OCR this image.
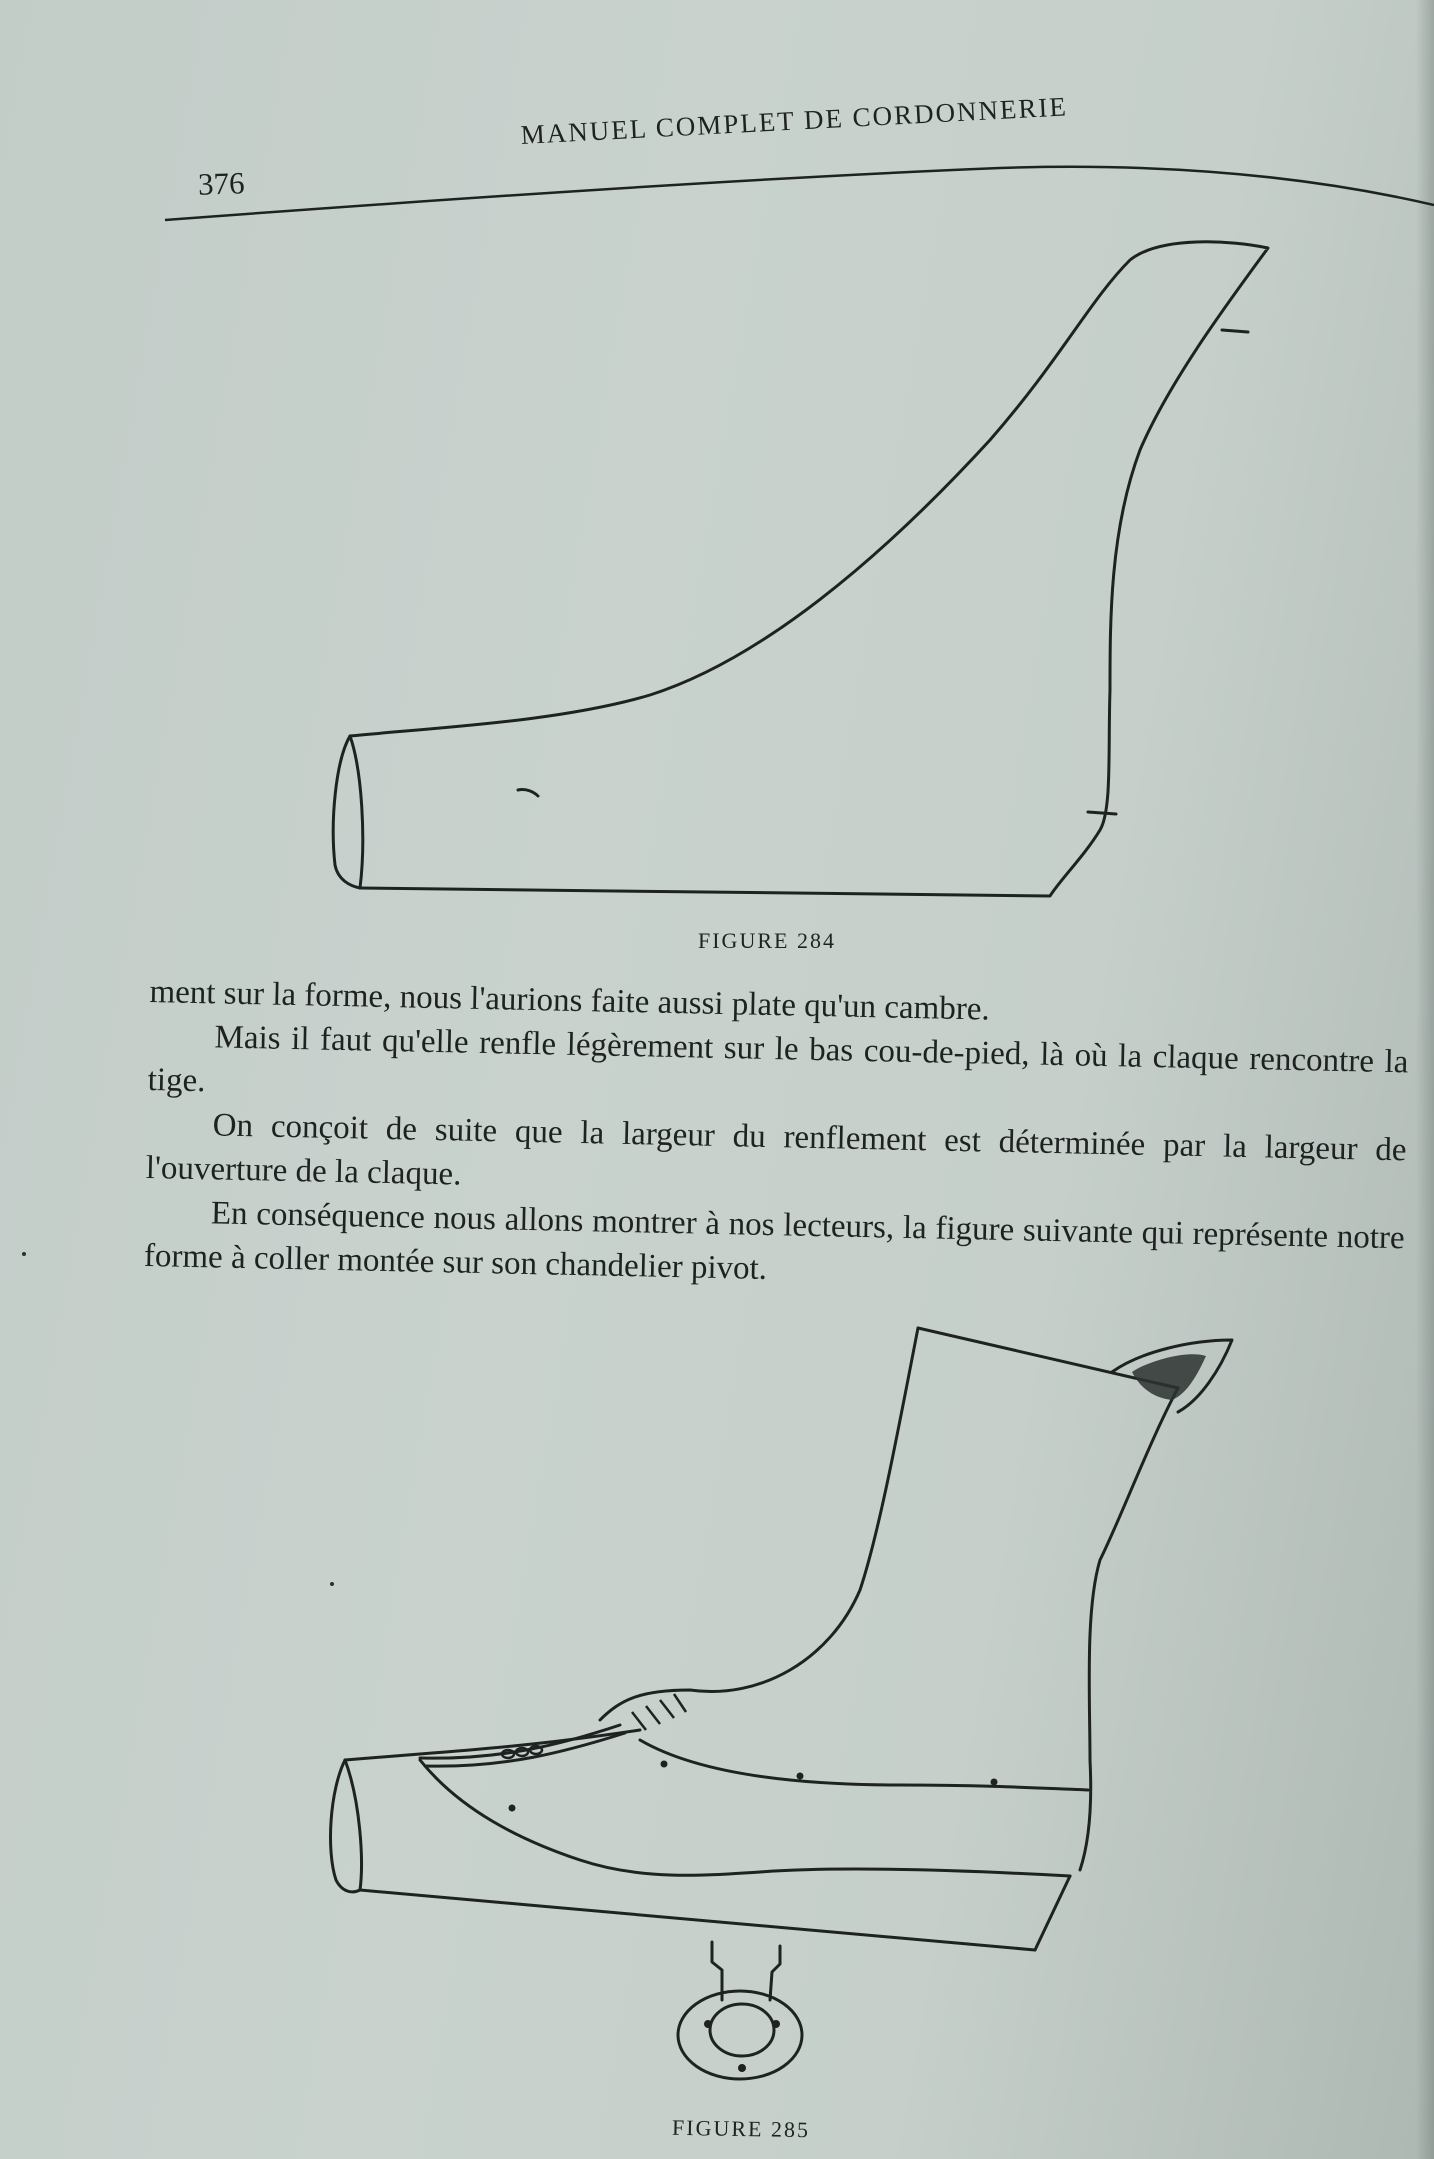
376
MANUEL COMPLET DE CORDONNERIE
FIGURE 284

ment sur la forme, nous l'aurions faite aussi plate qu'un cambre.

Mais il faut qu'elle renfle légèrement sur le bas cou-de-pied, là où la claque rencontre la tige.

On conçoit de suite que la largeur du renflement est déterminée par la largeur de l'ouverture de la claque.

En conséquence nous allons montrer à nos lecteurs, la figure suivante qui représente notre forme à coller montée sur son chandelier pivot.

FIGURE 285
